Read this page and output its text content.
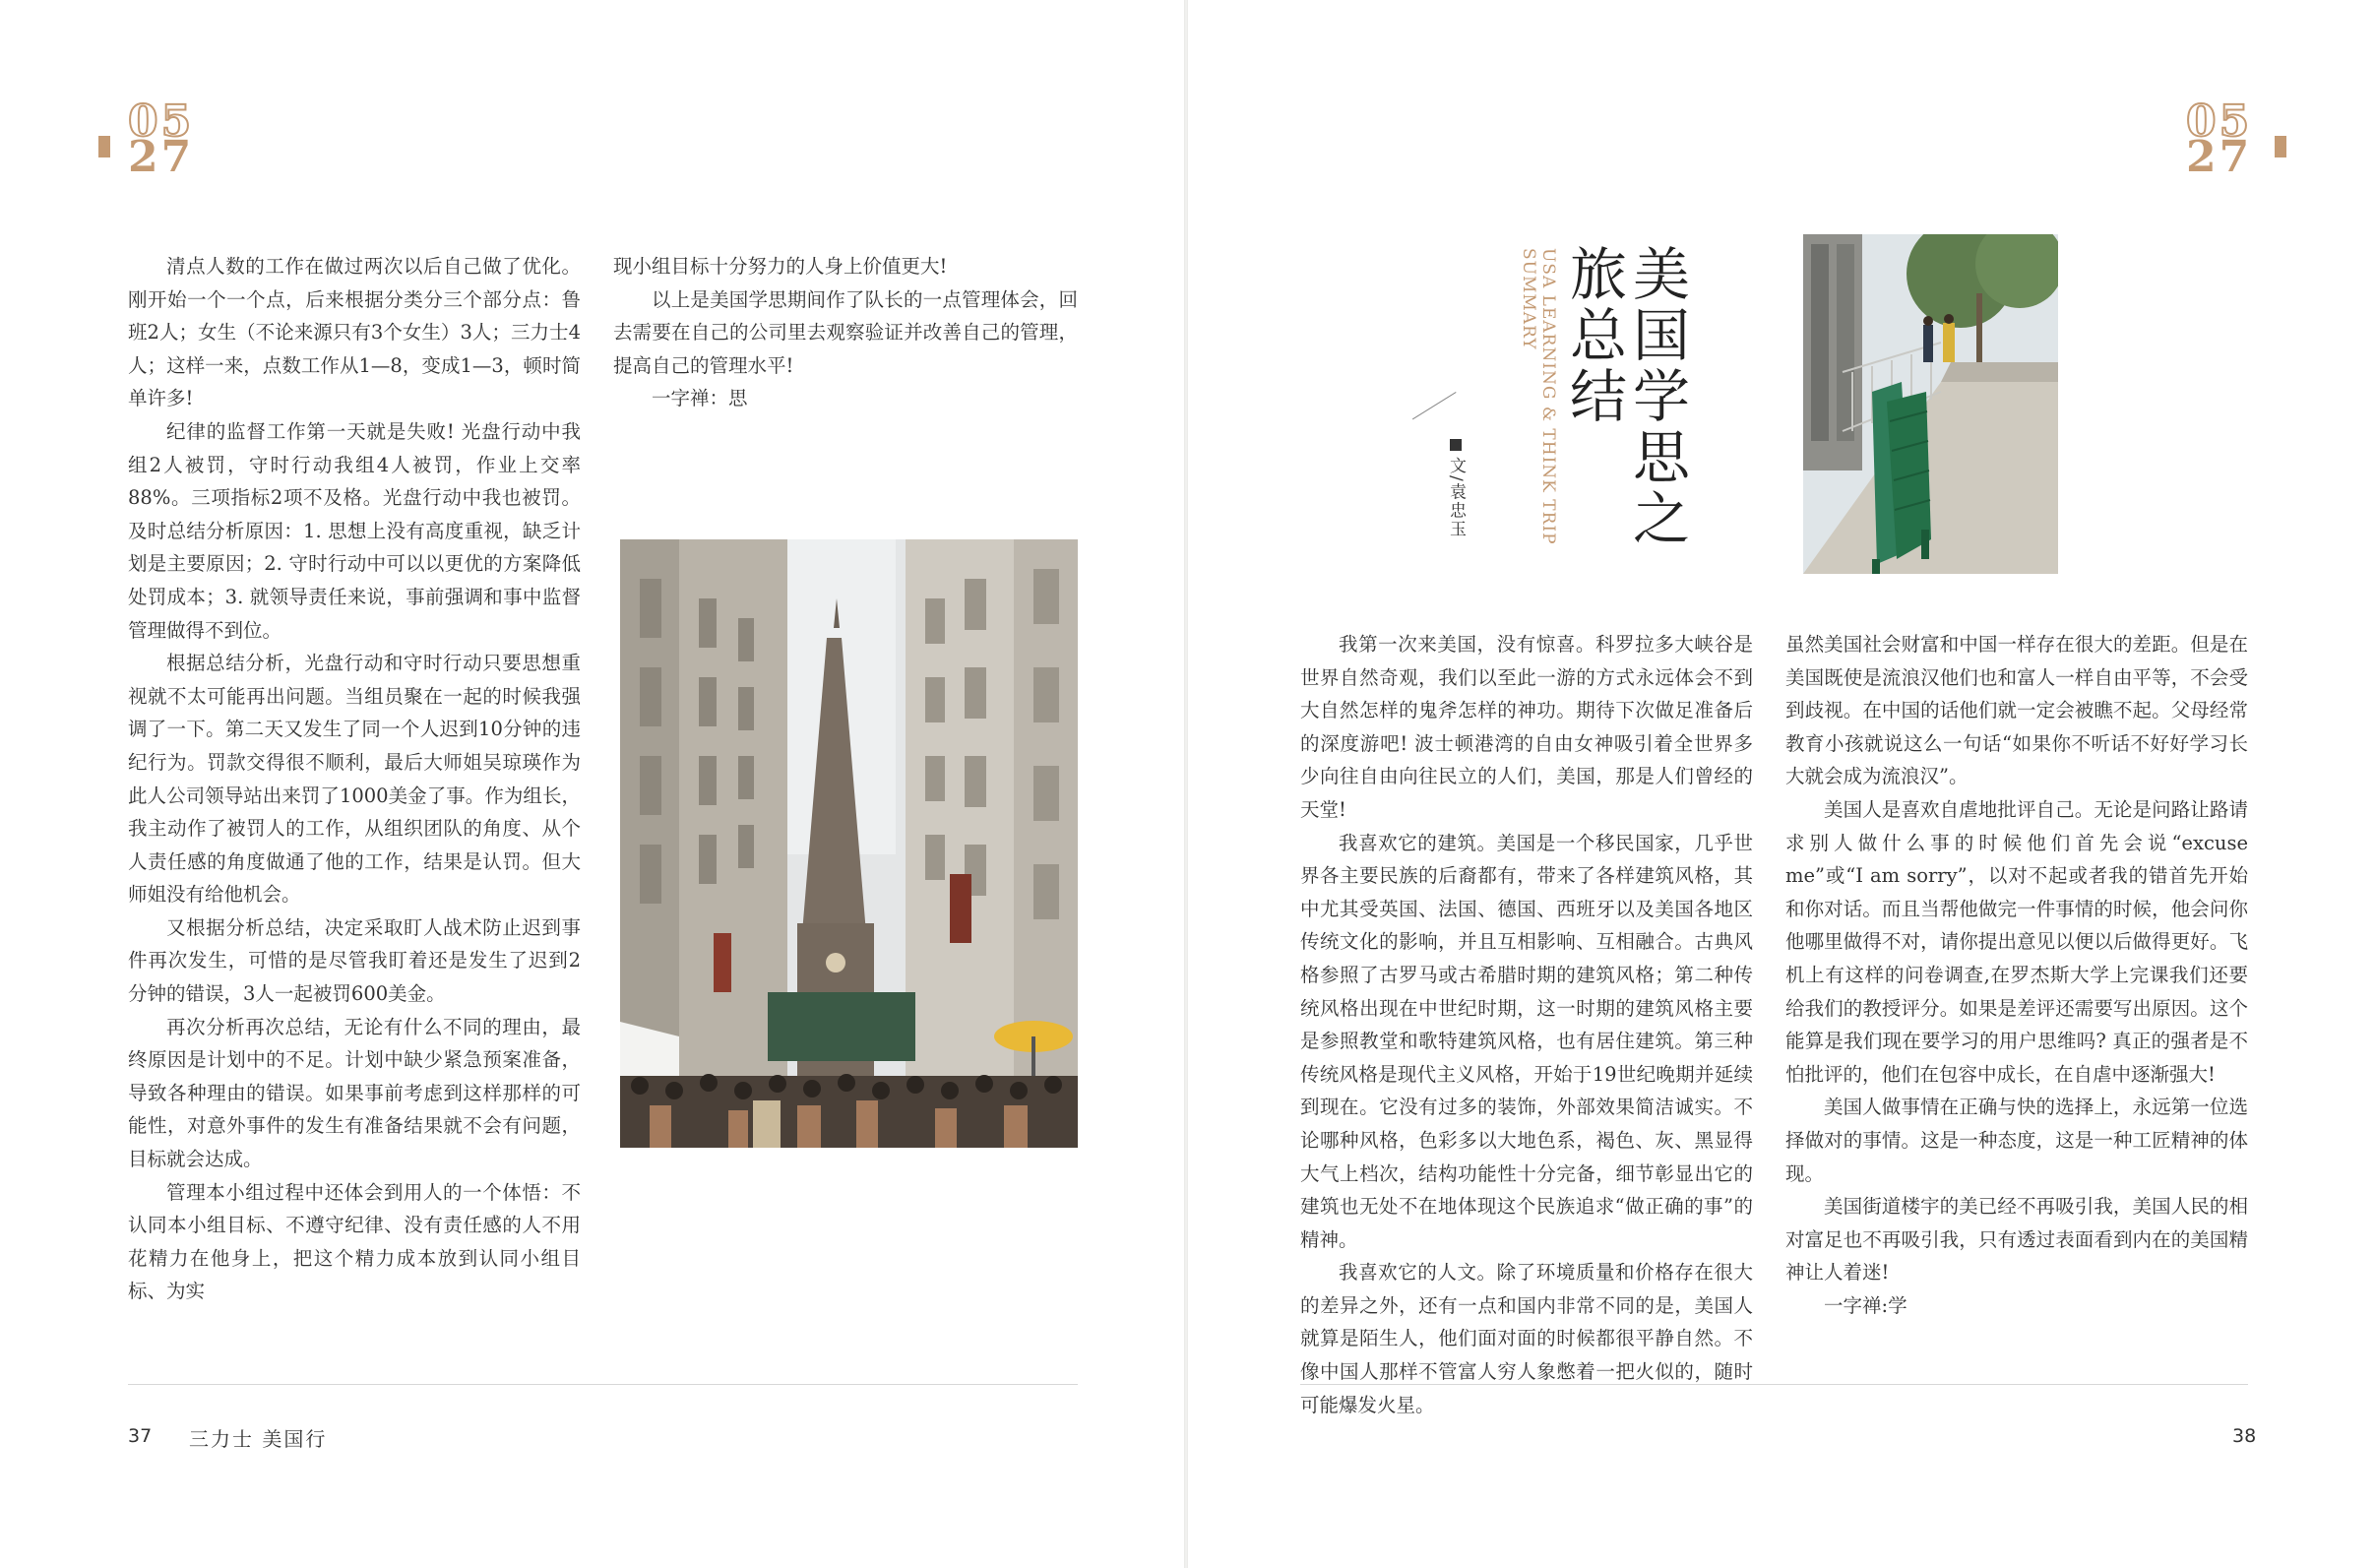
05
27

清点人数的工作在做过两次以后自己做了优化。刚开始一个一个点，后来根据分类分三个部分点：鲁班2人；女生（不论来源只有3个女生）3人；三力士4人；这样一来，点数工作从1—8，变成1—3，顿时简单许多!

纪律的监督工作第一天就是失败! 光盘行动中我组2人被罚，守时行动我组4人被罚，作业上交率88%。三项指标2项不及格。光盘行动中我也被罚。及时总结分析原因：1. 思想上没有高度重视，缺乏计划是主要原因；2. 守时行动中可以以更优的方案降低处罚成本；3. 就领导责任来说，事前强调和事中监督管理做得不到位。

根据总结分析，光盘行动和守时行动只要思想重视就不太可能再出问题。当组员聚在一起的时候我强调了一下。第二天又发生了同一个人迟到10分钟的违纪行为。罚款交得很不顺利，最后大师姐吴琼瑛作为此人公司领导站出来罚了1000美金了事。作为组长，我主动作了被罚人的工作，从组织团队的角度、从个人责任感的角度做通了他的工作，结果是认罚。但大师姐没有给他机会。

又根据分析总结，决定采取盯人战术防止迟到事件再次发生，可惜的是尽管我盯着还是发生了迟到2分钟的错误，3人一起被罚600美金。

再次分析再次总结，无论有什么不同的理由，最终原因是计划中的不足。计划中缺少紧急预案准备，导致各种理由的错误。如果事前考虑到这样那样的可能性，对意外事件的发生有准备结果就不会有问题，目标就会达成。

管理本小组过程中还体会到用人的一个体悟：不认同本小组目标、不遵守纪律、没有责任感的人不用花精力在他身上，把这个精力成本放到认同小组目标、为实

现小组目标十分努力的人身上价值更大!

以上是美国学思期间作了队长的一点管理体会，回去需要在自己的公司里去观察验证并改善自己的管理，提高自己的管理水平!

一字禅：思

37 三力士 美国行
05
27
美国学思之旅总结
USA LEARNING & THINK TRIP SUMMARY
文/袁忠玉

我第一次来美国，没有惊喜。科罗拉多大峡谷是世界自然奇观，我们以至此一游的方式永远体会不到大自然怎样的鬼斧怎样的神功。期待下次做足准备后的深度游吧! 波士顿港湾的自由女神吸引着全世界多少向往自由向往民立的人们，美国，那是人们曾经的天堂!

我喜欢它的建筑。美国是一个移民国家，几乎世界各主要民族的后裔都有，带来了各样建筑风格，其中尤其受英国、法国、德国、西班牙以及美国各地区传统文化的影响，并且互相影响、互相融合。古典风格参照了古罗马或古希腊时期的建筑风格；第二种传统风格出现在中世纪时期，这一时期的建筑风格主要是参照教堂和歌特建筑风格，也有居住建筑。第三种传统风格是现代主义风格，开始于19世纪晚期并延续到现在。它没有过多的装饰，外部效果简洁诚实。不论哪种风格，色彩多以大地色系，褐色、灰、黑显得大气上档次，结构功能性十分完备，细节彰显出它的建筑也无处不在地体现这个民族追求“做正确的事”的精神。

我喜欢它的人文。除了环境质量和价格存在很大的差异之外，还有一点和国内非常不同的是，美国人就算是陌生人，他们面对面的时候都很平静自然。不像中国人那样不管富人穷人象憋着一把火似的，随时可能爆发火星。

虽然美国社会财富和中国一样存在很大的差距。但是在美国既使是流浪汉他们也和富人一样自由平等，不会受到歧视。在中国的话他们就一定会被瞧不起。父母经常教育小孩就说这么一句话“如果你不听话不好好学习长大就会成为流浪汉”。

美国人是喜欢自虐地批评自己。无论是问路让路请求别人做什么事的时候他们首先会说“excuse me”或“I am sorry”，以对不起或者我的错首先开始和你对话。而且当帮他做完一件事情的时候，他会问你他哪里做得不对，请你提出意见以便以后做得更好。飞机上有这样的问卷调查,在罗杰斯大学上完课我们还要给我们的教授评分。如果是差评还需要写出原因。这个能算是我们现在要学习的用户思维吗? 真正的强者是不怕批评的，他们在包容中成长，在自虐中逐渐强大!

美国人做事情在正确与快的选择上，永远第一位选择做对的事情。这是一种态度，这是一种工匠精神的体现。

美国街道楼宇的美已经不再吸引我，美国人民的相对富足也不再吸引我，只有透过表面看到内在的美国精神让人着迷!

一字禅:学

38
